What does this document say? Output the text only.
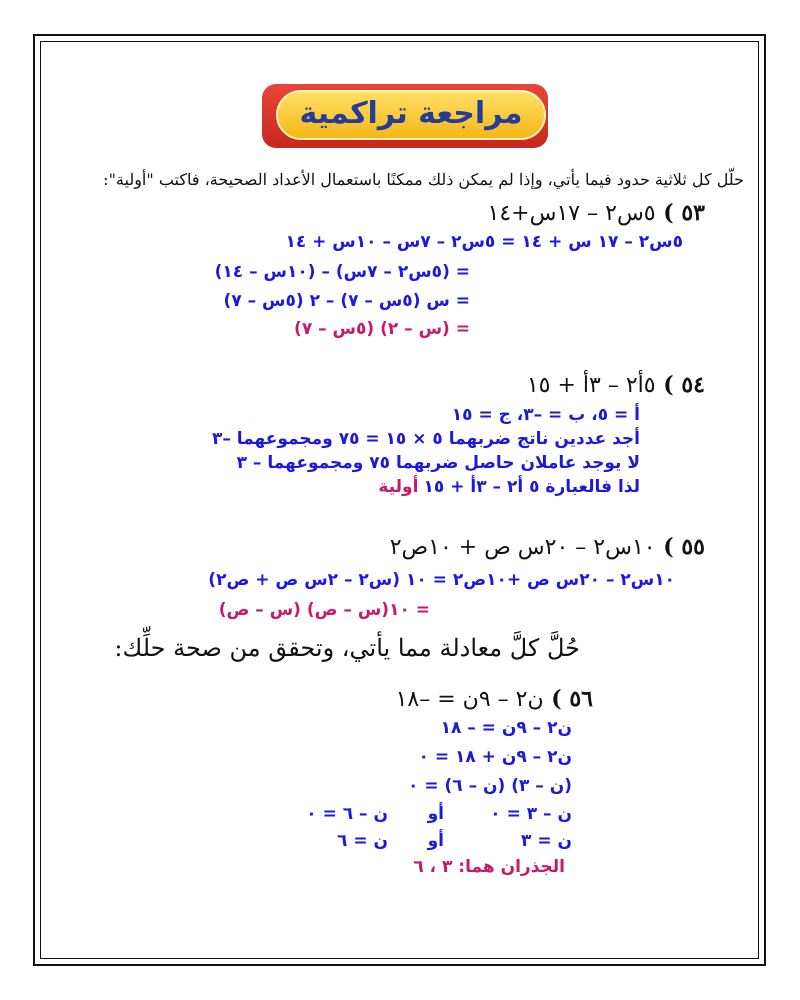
مراجعة تراكمية
حلّل كل ثلاثية حدود فيما يأتي، وإذا لم يمكن ذلك ممكنًا باستعمال الأعداد الصحيحة، فاكتب "أولية":
٥٣ ) ٥س٢ – ١٧س+١٤
٥س٢ – ١٧ س + ١٤ = ٥س٢ – ٧س – ١٠س + ١٤
= (٥س٢ – ٧س) – (١٠س – ١٤)
= س (٥س – ٧) – ٢ (٥س – ٧)
= (س – ٢) (٥س – ٧)
٥٤ ) ٥أ٢ – ٣أ + ١٥
أ = ٥، ب = –٣، ج = ١٥
أجد عددين ناتج ضربهما ٥ × ١٥ = ٧٥ ومجموعهما –٣
لا يوجد عاملان حاصل ضربهما ٧٥ ومجموعهما – ٣
لذا فالعبارة ٥ أ٢ – ٣أ + ١٥ أولية
٥٥ ) ١٠س٢ – ٢٠س ص + ١٠ص٢
١٠س٢ – ٢٠س ص +١٠ص٢ = ١٠ (س٢ – ٢س ص + ص٢)
= ١٠(س – ص) (س – ص)
حُلَّ كلَّ معادلة مما يأتي، وتحقق من صحة حلِّك:
٥٦ ) ن٢ – ٩ن = –١٨
ن٢ – ٩ن = – ١٨
ن٢ – ٩ن + ١٨ = ٠
(ن – ٣) (ن – ٦) = ٠
ن – ٣ = ٠
أو
ن – ٦ = ٠
ن = ٣
أو
ن = ٦
الجذران هما: ٣ ، ٦
